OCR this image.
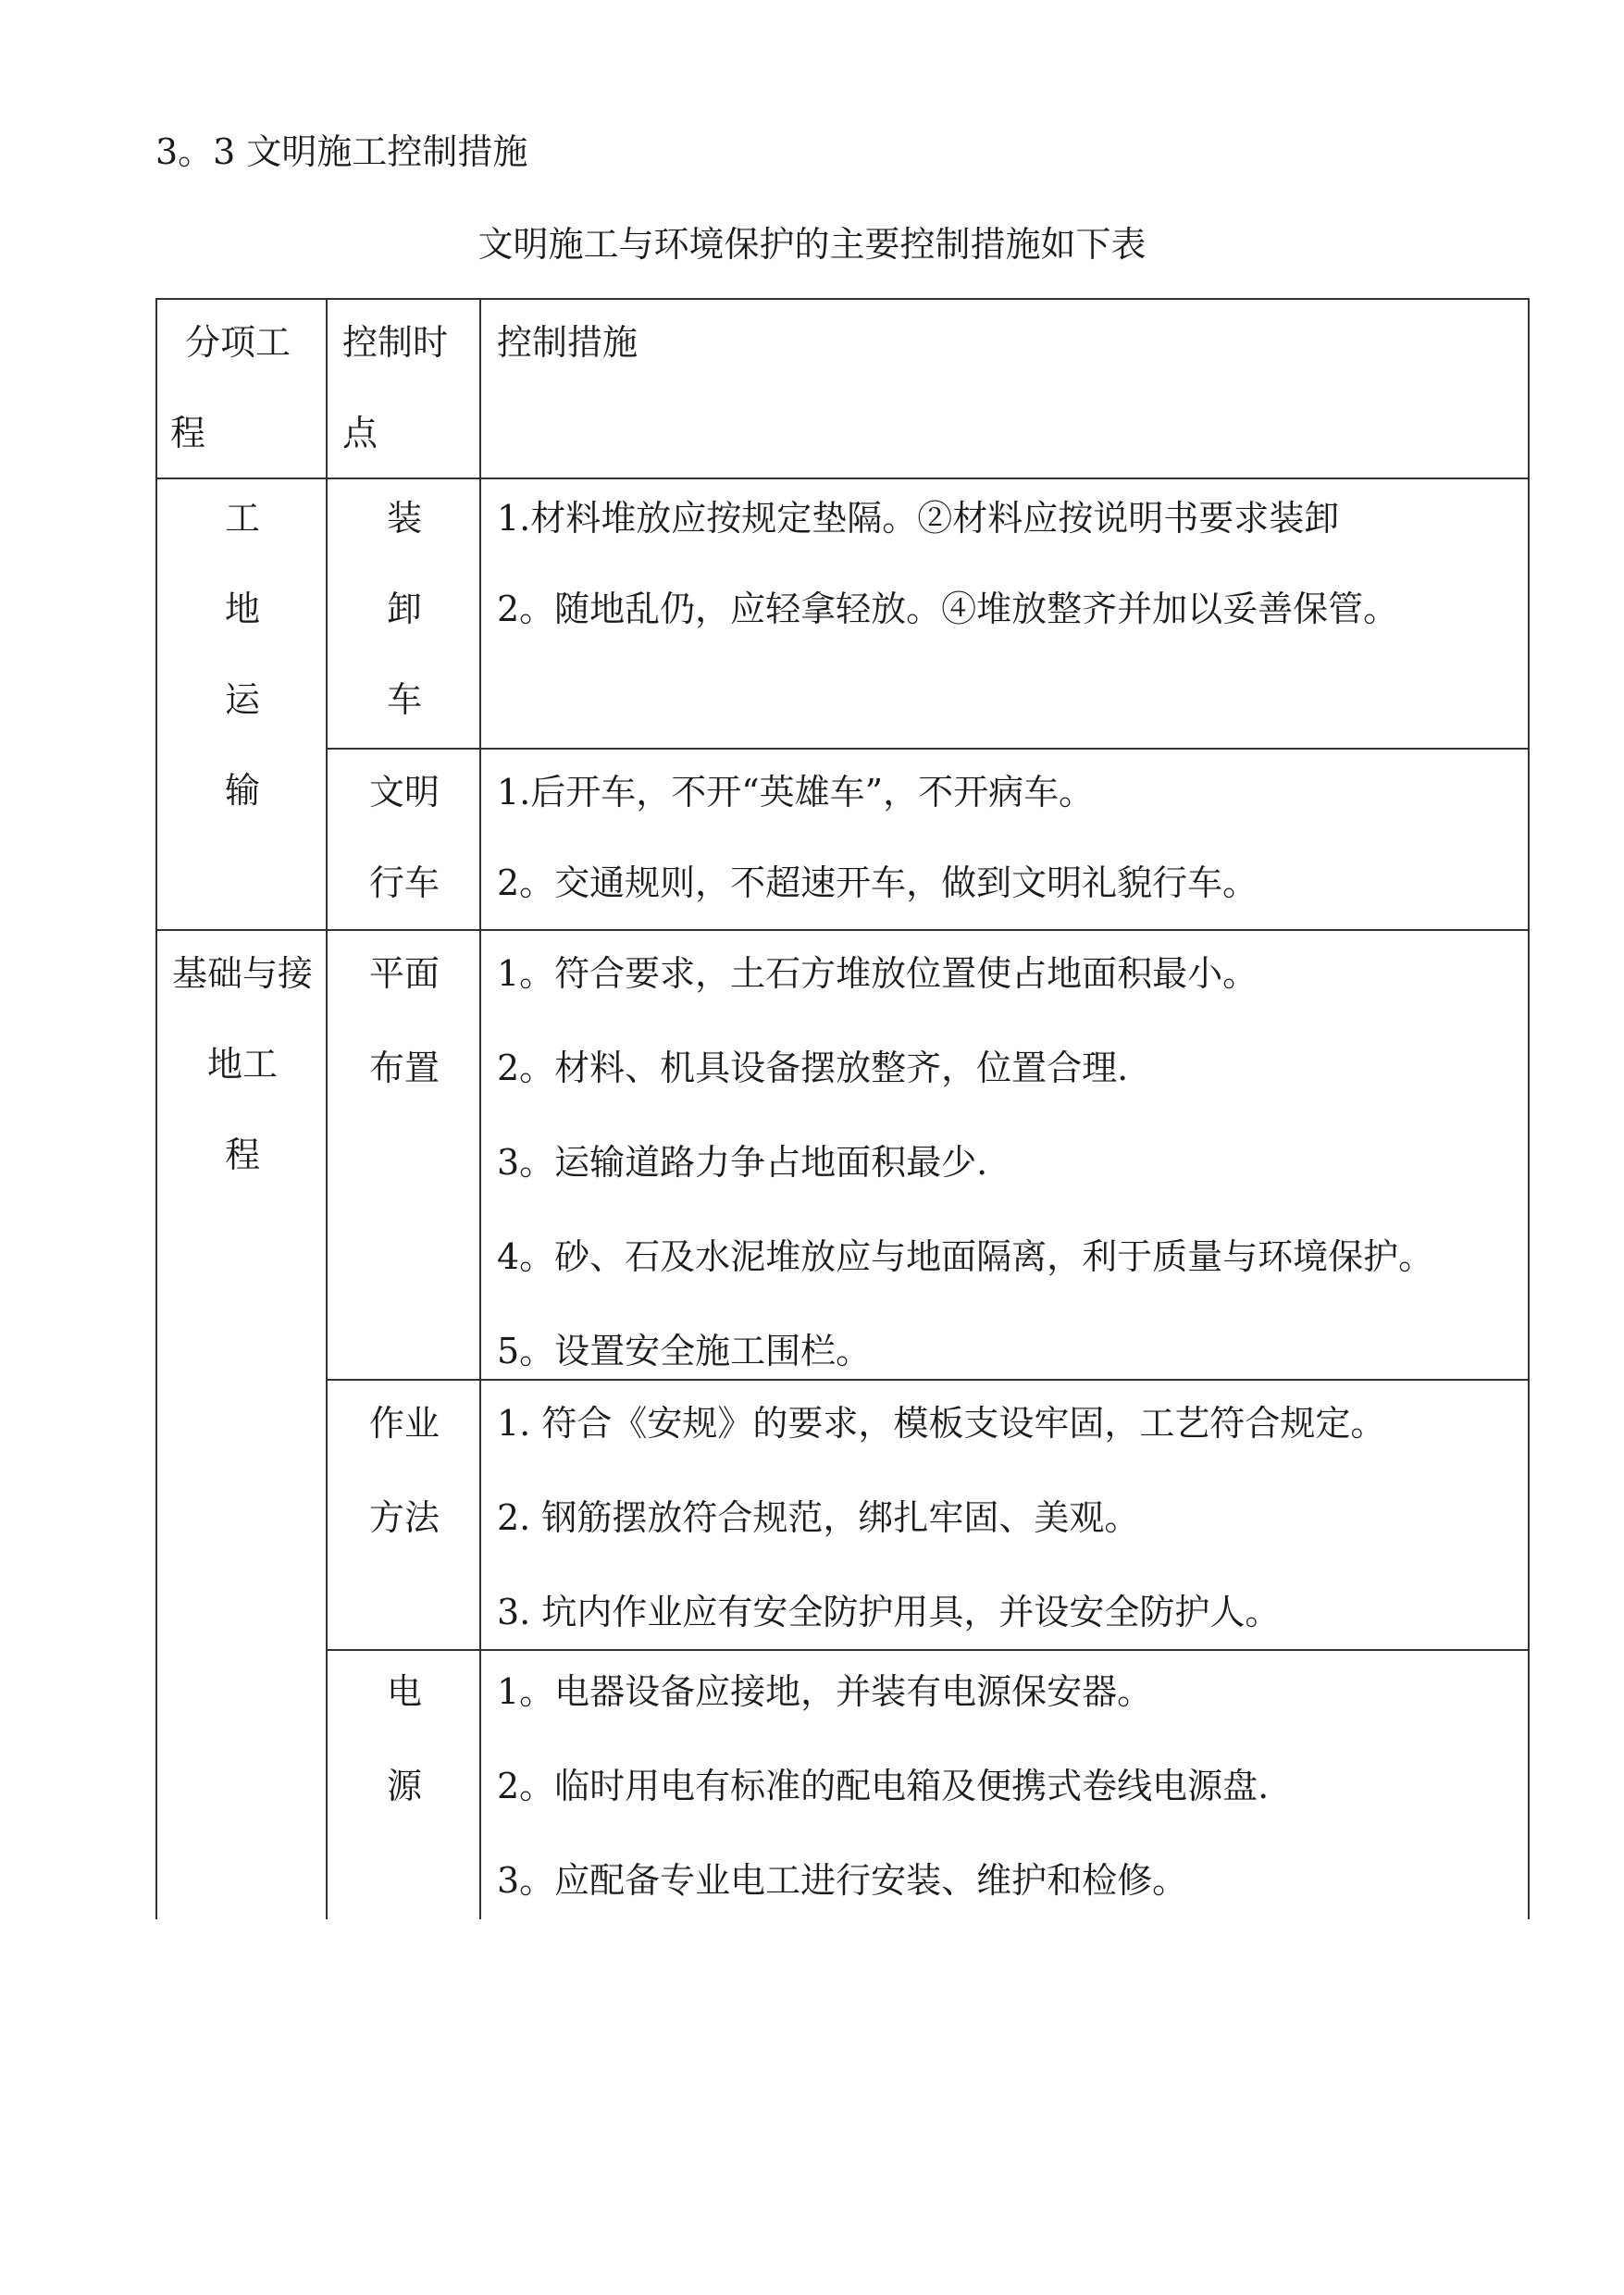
3。3 文明施工控制措施
文明施工与环境保护的主要控制措施如下表
分项工
程
控制时
点
控制措施
工
地
运
输
装
卸
车
1.材料堆放应按规定垫隔。②材料应按说明书要求装卸
2。随地乱仍，应轻拿轻放。④堆放整齐并加以妥善保管。
文明
行车
1.后开车，不开“英雄车”，不开病车。
2。交通规则，不超速开车，做到文明礼貌行车。
基础与接
地工
程
平面
布置
1。符合要求，土石方堆放位置使占地面积最小。
2。材料、机具设备摆放整齐，位置合理.
3。运输道路力争占地面积最少.
4。砂、石及水泥堆放应与地面隔离，利于质量与环境保护。
5。设置安全施工围栏。
作业
方法
1. 符合《安规》的要求，模板支设牢固，工艺符合规定。
2. 钢筋摆放符合规范，绑扎牢固、美观。
3. 坑内作业应有安全防护用具，并设安全防护人。
电
源
1。电器设备应接地，并装有电源保安器。
2。临时用电有标准的配电箱及便携式卷线电源盘.
3。应配备专业电工进行安装、维护和检修。
